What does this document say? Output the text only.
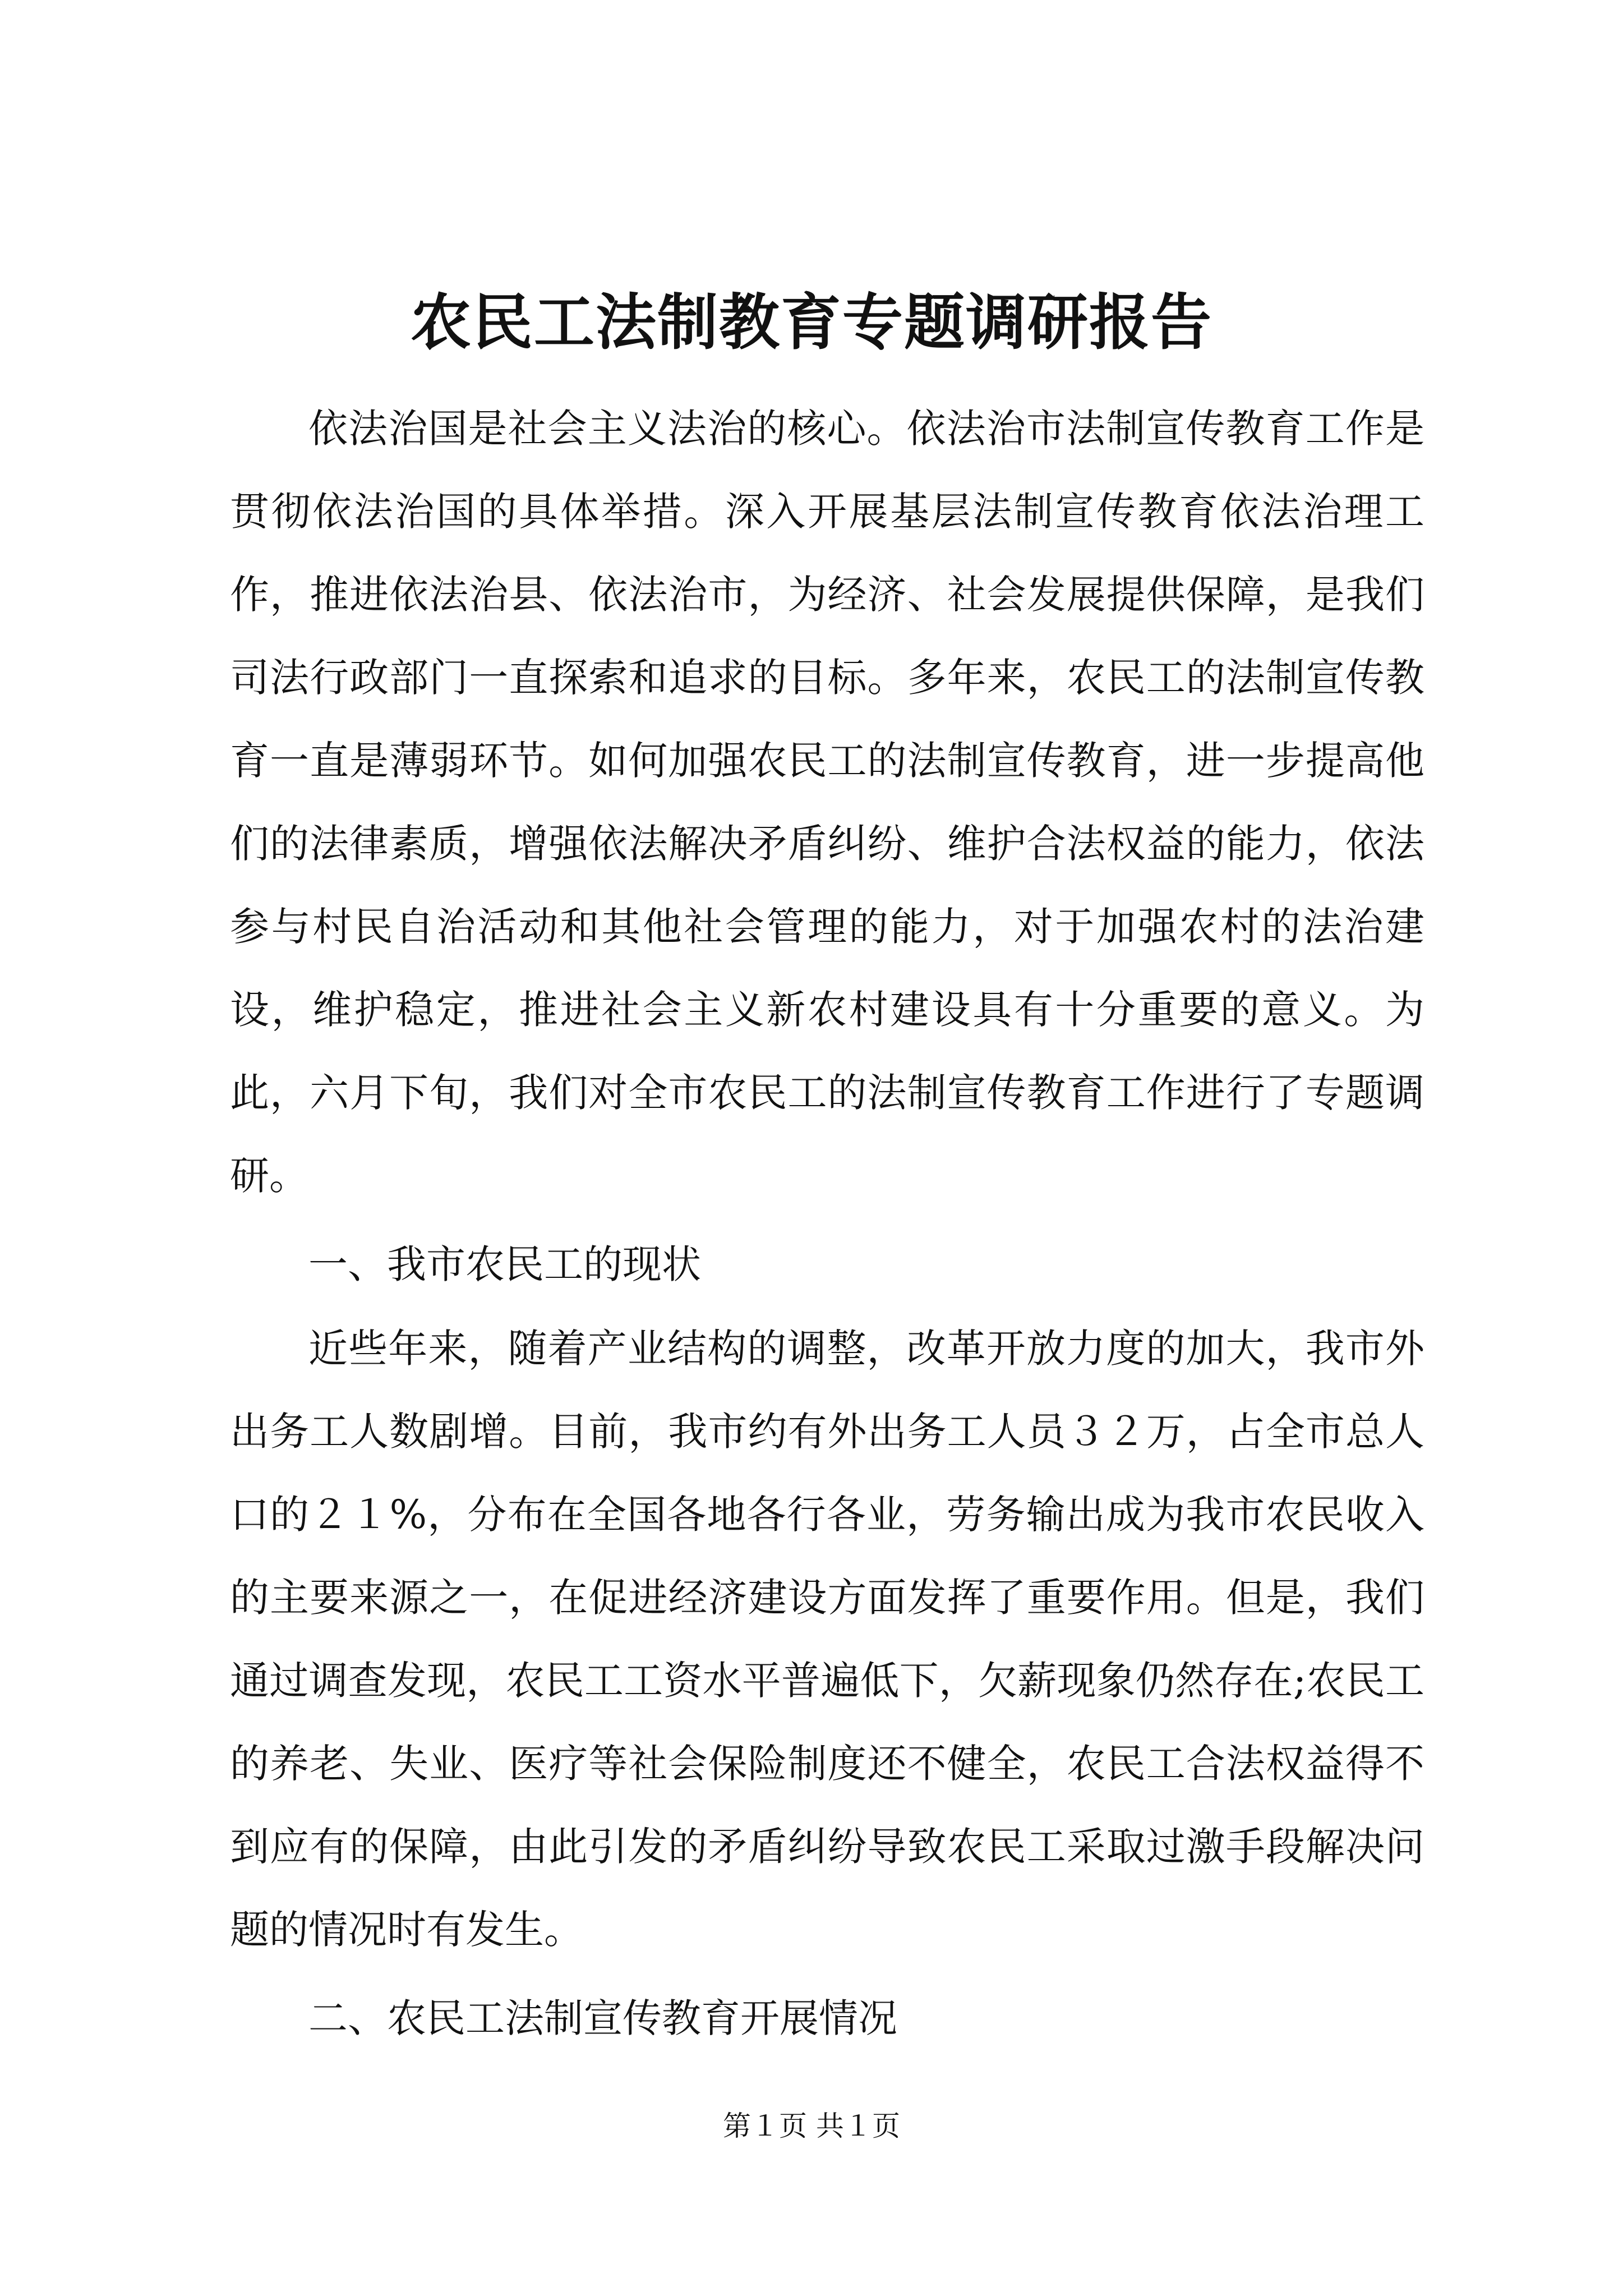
农民工法制教育专题调研报告

依法治国是社会主义法治的核心。依法治市法制宣传教育工作是贯彻依法治国的具体举措。深入开展基层法制宣传教育依法治理工作，推进依法治县、依法治市，为经济、社会发展提供保障，是我们司法行政部门一直探索和追求的目标。多年来，农民工的法制宣传教育一直是薄弱环节。如何加强农民工的法制宣传教育，进一步提高他们的法律素质，增强依法解决矛盾纠纷、维护合法权益的能力，依法参与村民自治活动和其他社会管理的能力，对于加强农村的法治建设，维护稳定，推进社会主义新农村建设具有十分重要的意义。为此，六月下旬，我们对全市农民工的法制宣传教育工作进行了专题调研。

一、我市农民工的现状

近些年来，随着产业结构的调整，改革开放力度的加大，我市外出务工人数剧增。目前，我市约有外出务工人员３２万，占全市总人口的２１%，分布在全国各地各行各业，劳务输出成为我市农民收入的主要来源之一，在促进经济建设方面发挥了重要作用。但是，我们通过调查发现，农民工工资水平普遍低下，欠薪现象仍然存在;农民工的养老、失业、医疗等社会保险制度还不健全，农民工合法权益得不到应有的保障，由此引发的矛盾纠纷导致农民工采取过激手段解决问题的情况时有发生。

二、农民工法制宣传教育开展情况

第１页 共１页
